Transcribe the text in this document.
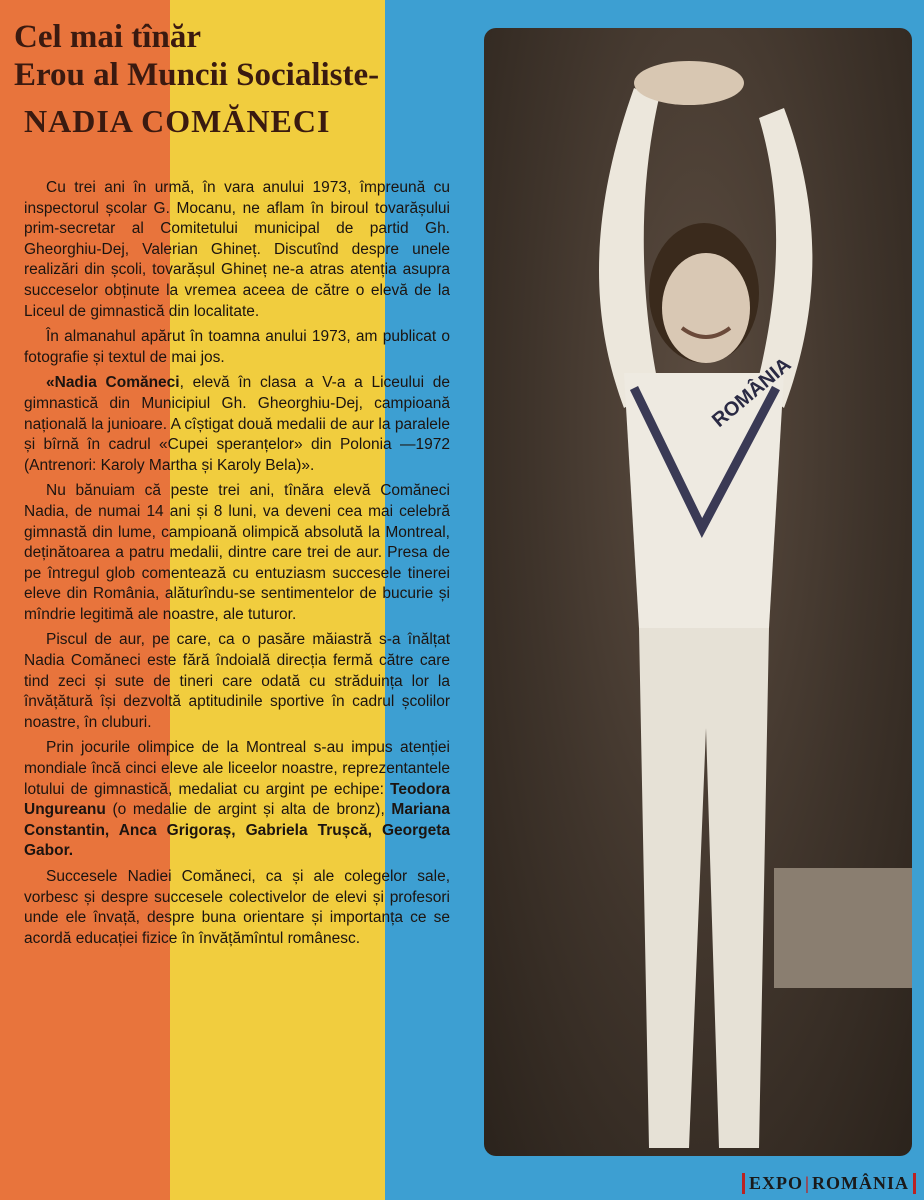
Cel mai tînăr
Erou al Muncii Socialiste-
NADIA COMĂNECI

Cu trei ani în urmă, în vara anului 1973, împreună cu inspectorul școlar G. Mocanu, ne aflam în biroul tovarășului prim-secretar al Comitetului municipal de partid Gh. Gheorghiu-Dej, Valerian Ghineț. Discutînd despre unele realizări din școli, tovarășul Ghineț ne-a atras atenția asupra succeselor obținute la vremea aceea de către o elevă de la Liceul de gimnastică din localitate.

În almanahul apărut în toamna anului 1973, am publicat o fotografie și textul de mai jos.

«Nadia Comăneci, elevă în clasa a V-a a Liceului de gimnastică din Municipiul Gh. Gheorghiu-Dej, campioană națională la junioare. A cîștigat două medalii de aur la paralele și bîrnă în cadrul «Cupei speranțelor» din Polonia —1972 (Antrenori: Karoly Martha și Karoly Bela)».

Nu bănuiam că peste trei ani, tînăra elevă Comăneci Nadia, de numai 14 ani și 8 luni, va deveni cea mai celebră gimnastă din lume, campioană olimpică absolută la Montreal, deținătoarea a patru medalii, dintre care trei de aur. Presa de pe întregul glob comentează cu entuziasm succesele tinerei eleve din România, alăturîndu-se sentimentelor de bucurie și mîndrie legitimă ale noastre, ale tuturor.

Piscul de aur, pe care, ca o pasăre măiastră s-a înălțat Nadia Comăneci este fără îndoială direcția fermă către care tind zeci și sute de tineri care odată cu străduința lor la învățătură își dezvoltă aptitudinile sportive în cadrul școlilor noastre, în cluburi.

Prin jocurile olimpice de la Montreal s-au impus atenției mondiale încă cinci eleve ale liceelor noastre, reprezentantele lotului de gimnastică, medaliat cu argint pe echipe: Teodora Ungureanu (o medalie de argint și alta de bronz), Mariana Constantin, Anca Grigoraș, Gabriela Trușcă, Georgeta Gabor.

Succesele Nadiei Comăneci, ca și ale colegelor sale, vorbesc și despre succesele colectivelor de elevi și profesori unde ele învață, despre buna orientare și importanța ce se acordă educației fizice în învățămîntul românesc.

ROMÂNIA
EXPO | ROMÂNIA
